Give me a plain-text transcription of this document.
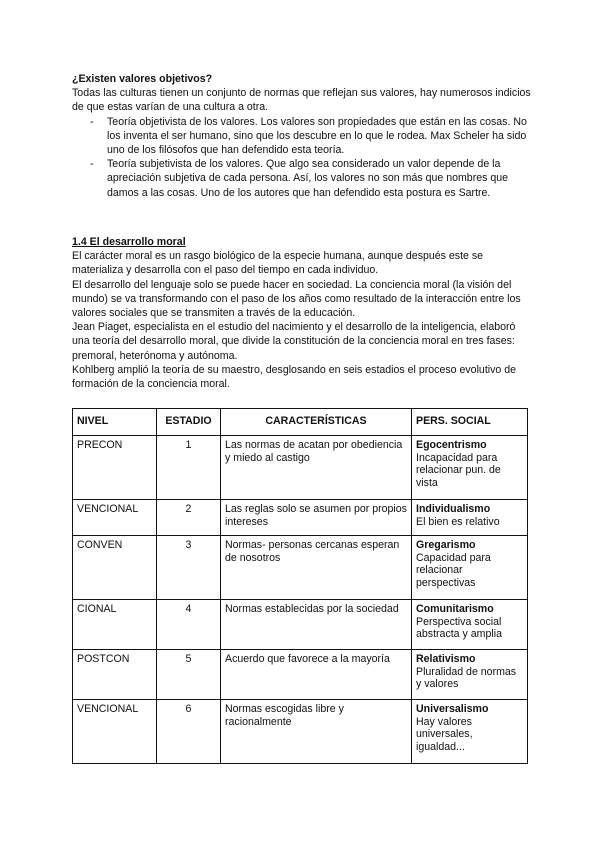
¿Existen valores objetivos?

Todas las culturas tienen un conjunto de normas que reflejan sus valores, hay numerosos indicios de que estas varían de una cultura a otra.

- Teoría objetivista de los valores. Los valores son propiedades que están en las cosas. No los inventa el ser humano, sino que los descubre en lo que le rodea. Max Scheler ha sido uno de los filósofos que han defendido esta teoría.
- Teoría subjetivista de los valores. Que algo sea considerado un valor depende de la apreciación subjetiva de cada persona. Así, los valores no son más que nombres que damos a las cosas. Uno de los autores que han defendido esta postura es Sartre.

1.4 El desarrollo moral

El carácter moral es un rasgo biológico de la especie humana, aunque después este se materializa y desarrolla con el paso del tiempo en cada individuo.

El desarrollo del lenguaje solo se puede hacer en sociedad. La conciencia moral (la visión del mundo) se va transformando con el paso de los años como resultado de la interacción entre los valores sociales que se transmiten a través de la educación.

Jean Piaget, especialista en el estudio del nacimiento y el desarrollo de la inteligencia, elaboró una teoría del desarrollo moral, que divide la constitución de la conciencia moral en tres fases: premoral, heterónoma y autónoma.

Kohlberg amplió la teoría de su maestro, desglosando en seis estadios el proceso evolutivo de formación de la conciencia moral.

NIVEL	ESTADIO	CARACTERÍSTICAS	PERS. SOCIAL
PRECON	1	Las normas de acatan por obediencia y miedo al castigo	Egocentrismo
Incapacidad para relacionar pun. de vista
VENCIONAL	2	Las reglas solo se asumen por propios intereses	Individualismo
El bien es relativo
CONVEN	3	Normas- personas cercanas esperan de nosotros	Gregarismo
Capacidad para relacionar perspectivas
CIONAL	4	Normas establecidas por la sociedad	Comunitarismo
Perspectiva social abstracta y amplia
POSTCON	5	Acuerdo que favorece a la mayoría	Relativismo
Pluralidad de normas y valores
VENCIONAL	6	Normas escogidas libre y racionalmente	Universalismo
Hay valores universales, igualdad...
